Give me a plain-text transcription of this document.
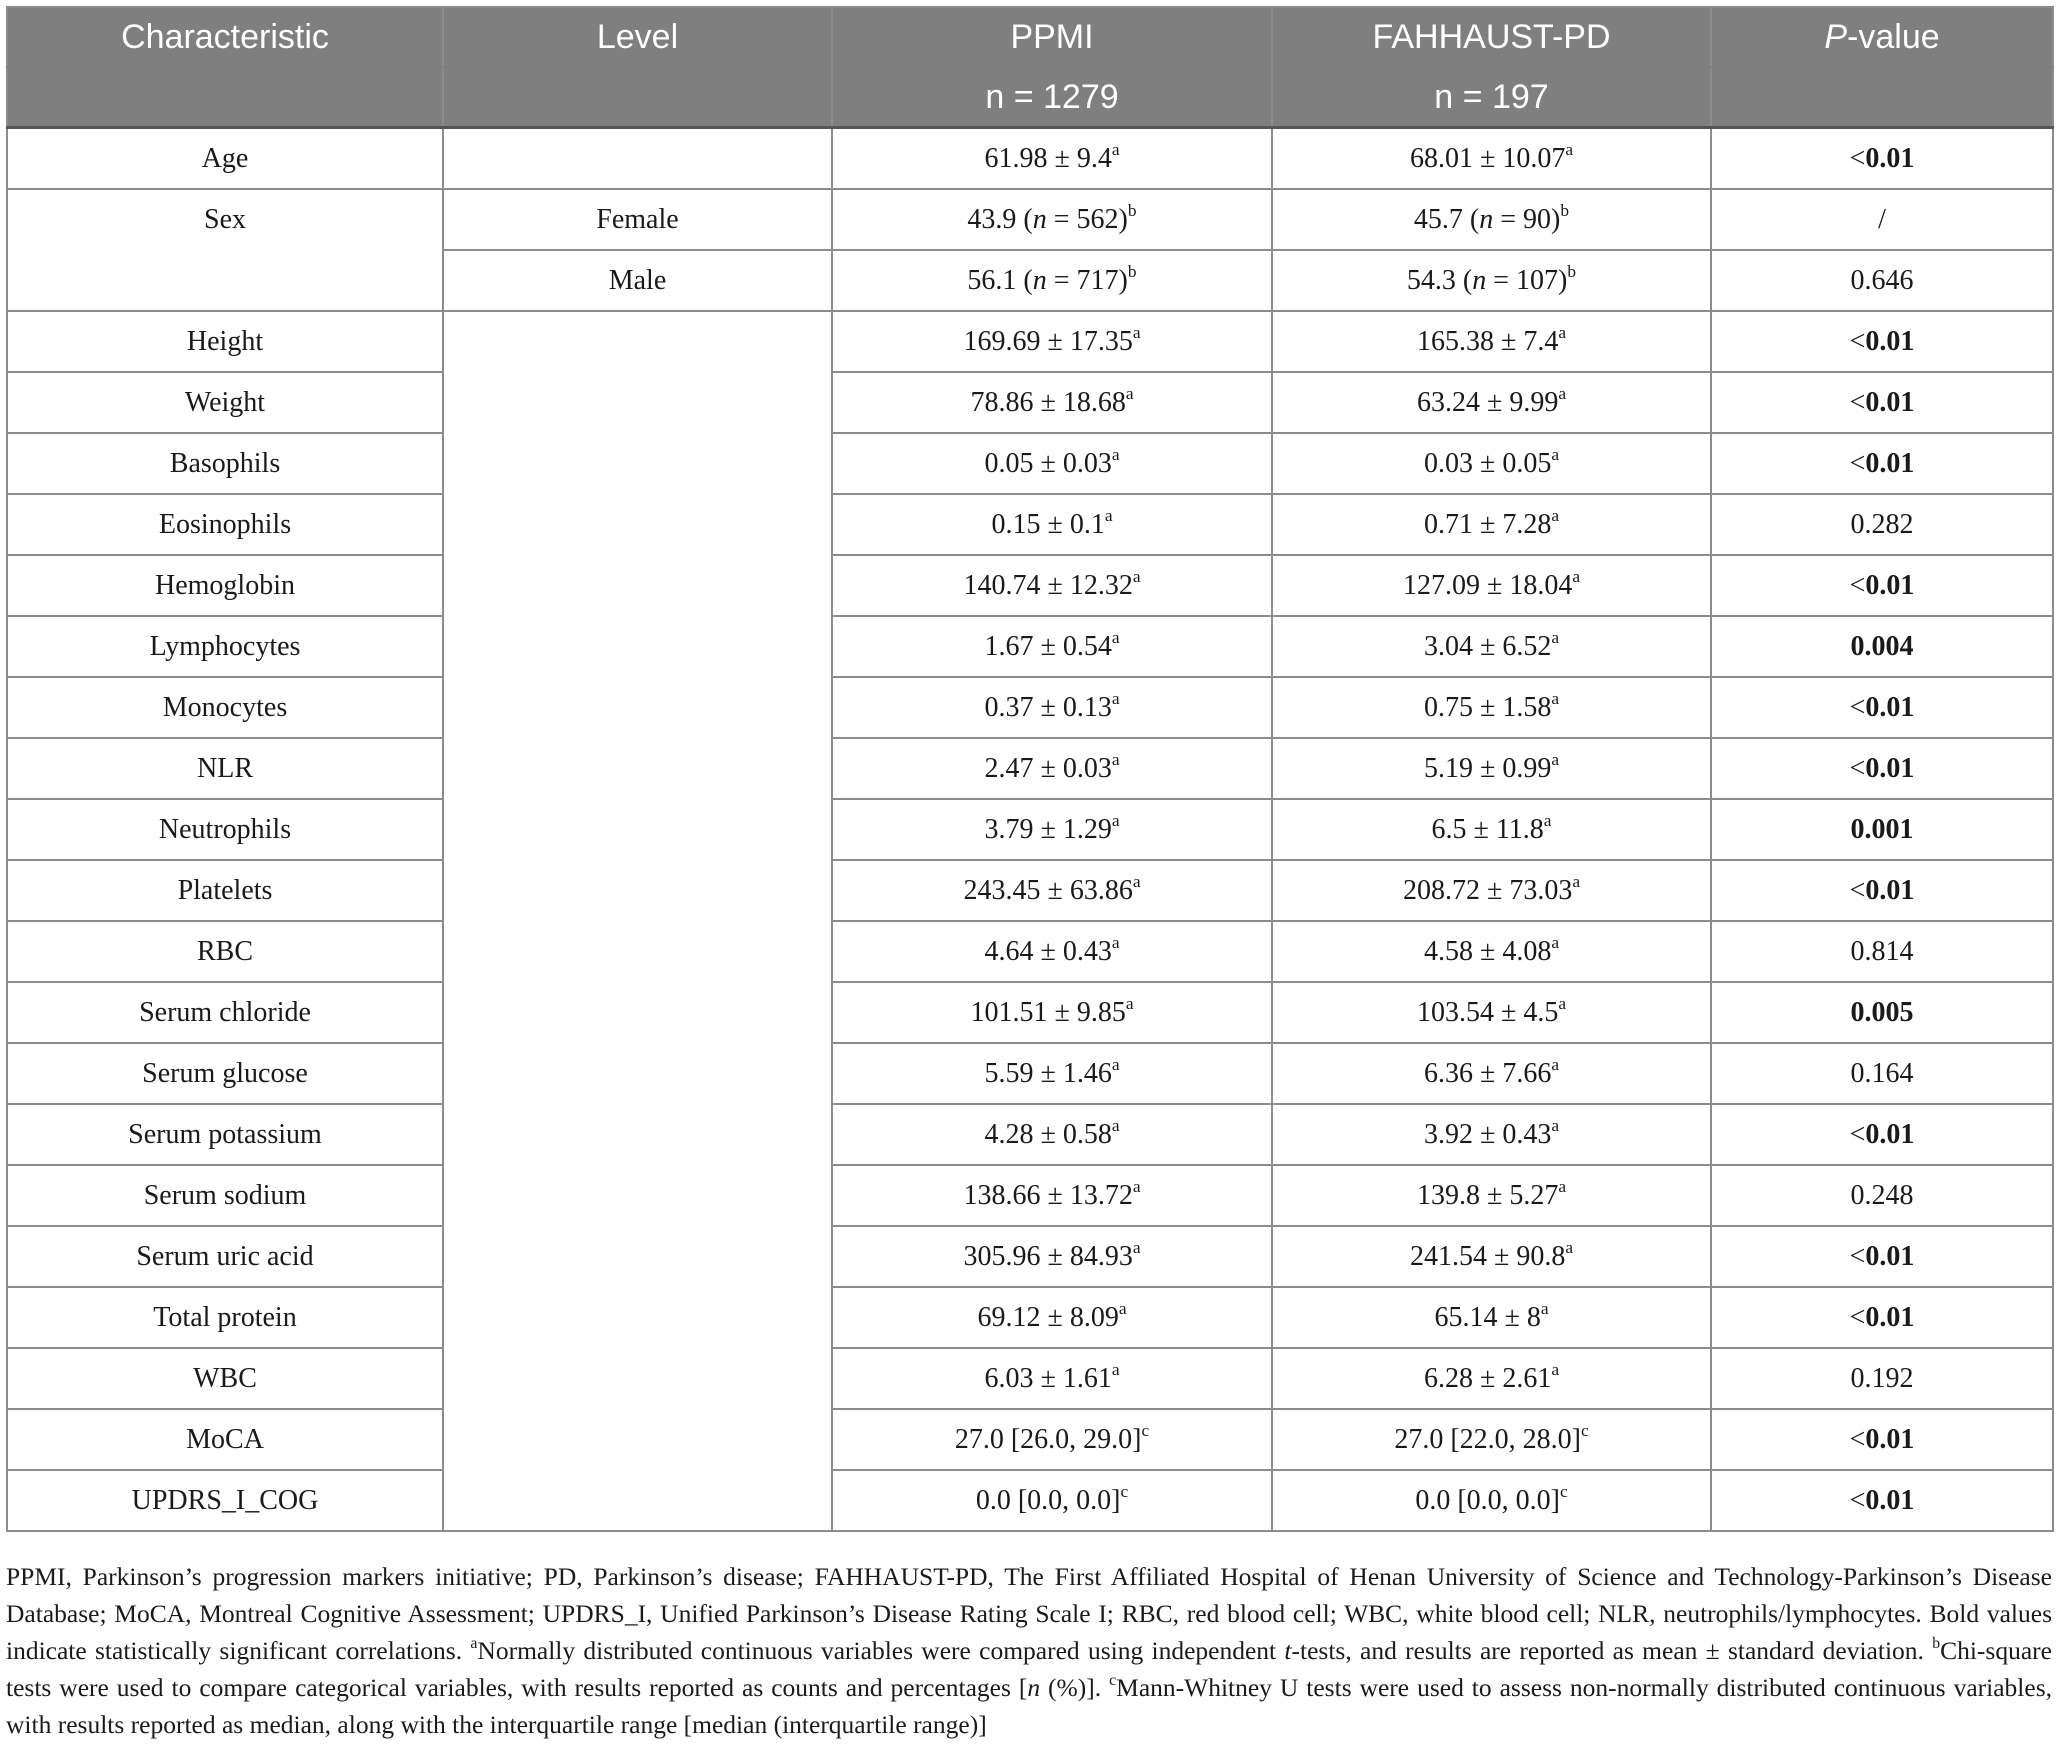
Characteristic	Level	PPMI	FAHHAUST-PD	P-value
		n = 1279	n = 197	
Age		61.98 ± 9.4$^a$	68.01 ± 10.07$^a$	<0.01
Sex	Female	43.9 (n = 562)$^b$	45.7 (n = 90)$^b$	/
	Male	56.1 (n = 717)$^b$	54.3 (n = 107)$^b$	0.646
Height		169.69 ± 17.35$^a$	165.38 ± 7.4$^a$	<0.01
Weight		78.86 ± 18.68$^a$	63.24 ± 9.99$^a$	<0.01
Basophils		0.05 ± 0.03$^a$	0.03 ± 0.05$^a$	<0.01
Eosinophils		0.15 ± 0.1$^a$	0.71 ± 7.28$^a$	0.282
Hemoglobin		140.74 ± 12.32$^a$	127.09 ± 18.04$^a$	<0.01
Lymphocytes		1.67 ± 0.54$^a$	3.04 ± 6.52$^a$	0.004
Monocytes		0.37 ± 0.13$^a$	0.75 ± 1.58$^a$	<0.01
NLR		2.47 ± 0.03$^a$	5.19 ± 0.99$^a$	<0.01
Neutrophils		3.79 ± 1.29$^a$	6.5 ± 11.8$^a$	0.001
Platelets		243.45 ± 63.86$^a$	208.72 ± 73.03$^a$	<0.01
RBC		4.64 ± 0.43$^a$	4.58 ± 4.08$^a$	0.814
Serum chloride		101.51 ± 9.85$^a$	103.54 ± 4.5$^a$	0.005
Serum glucose		5.59 ± 1.46$^a$	6.36 ± 7.66$^a$	0.164
Serum potassium		4.28 ± 0.58$^a$	3.92 ± 0.43$^a$	<0.01
Serum sodium		138.66 ± 13.72$^a$	139.8 ± 5.27$^a$	0.248
Serum uric acid		305.96 ± 84.93$^a$	241.54 ± 90.8$^a$	<0.01
Total protein		69.12 ± 8.09$^a$	$65.14 \pm 8^a$	<0.01
WBC		6.03 ± 1.61$^a$	6.28 ± 2.61$^a$	0.192
MoCA		27.0 [26.0, 29.0]$^c$	27.0 [22.0, 28.0]$^c$	<0.01
UPDRS_I_COG		0.0 [0.0, 0.0]$^c$	0.0 [0.0, 0.0]$^c$	<0.01

PPMI, Parkinson’s progression markers initiative; PD, Parkinson’s disease; FAHHAUST-PD, The First Affiliated Hospital of Henan University of Science and Technology-Parkinson’s Disease Database; MoCA, Montreal Cognitive Assessment; UPDRS_I, Unified Parkinson’s Disease Rating Scale I; RBC, red blood cell; WBC, white blood cell; NLR, neutrophils/lymphocytes. Bold values indicate statistically significant correlations. $^a$Normally distributed continuous variables were compared using independent t-tests, and results are reported as mean ± standard deviation. $^b$Chi-square tests were used to compare categorical variables, with results reported as counts and percentages [n (%)]. $^c$Mann-Whitney U tests were used to assess non-normally distributed continuous variables, with results reported as median, along with the interquartile range [median (interquartile range)]
